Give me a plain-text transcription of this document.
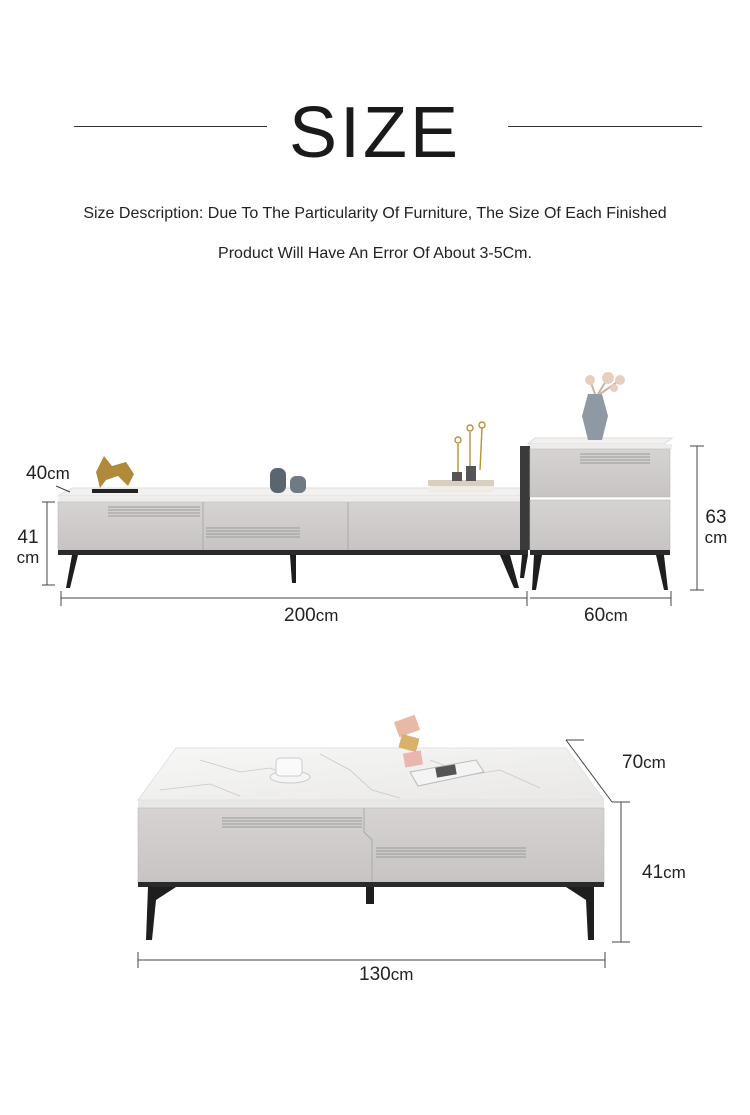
SIZE
Size Description: Due To The Particularity Of Furniture, The Size Of Each Finished
Product Will Have An Error Of About 3-5Cm.
40cm
41
cm
200cm	60cm
63
cm
70cm
41cm
130cm
